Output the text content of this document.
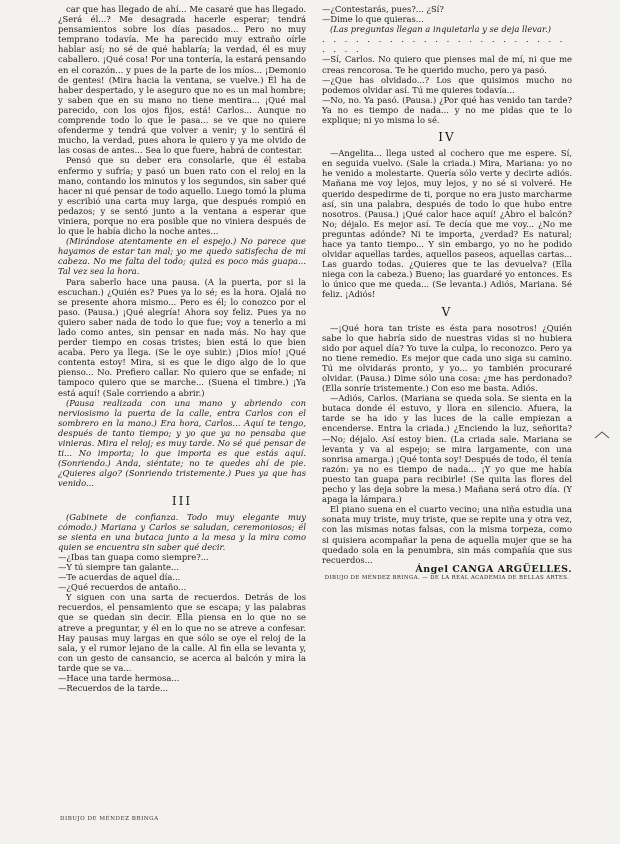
car que has llegado de ahí... Me casaré que has llegado. ¿Será él...? Me desagrada hacerle esperar; tendrá pensamientos sobre los días pasados... Pero no muy temprano todavía. Me ha parecido muy extraño oírle hablar así; no sé de qué hablaría; la verdad, él es muy caballero. ¡Qué cosa! Por una tontería, la estará pensando en el corazón... y pues de la parte de los míos... ¡Demonio de gentes! (Mira hacia la ventana, se vuelve.) Él ha de haber despertado, y le aseguro que no es un mal hombre; y saben que en su mano no tiene mentira... ¡Qué mal parecido, con los ojos fijos, está! Carlos... Aunque no comprende todo lo que le pasa... se ve que no quiere ofenderme y tendrá que volver a venir; y lo sentirá él mucho, la verdad, pues ahora le quiero y ya me olvido de las cosas de antes... Sea lo que fuere, habrá de contestar.

Pensó que su deber era consolarle, que él estaba enfermo y sufría; y pasó un buen rato con el reloj en la mano, contando los minutos y los segundos, sin saber qué hacer ni qué pensar de todo aquello. Luego tomó la pluma y escribió una carta muy larga, que después rompió en pedazos; y se sentó junto a la ventana a esperar que viniera, porque no era posible que no viniera después de lo que le había dicho la noche antes...

(Mirándose atentamente en el espejo.) No parece que hayamos de estar tan mal; yo me quedo satisfecha de mi cabeza. No me falta del todo; quizá es poco más guapa... Tal vez sea la hora.

Para saberlo hace una pausa. (A la puerta, por si la escuchan.) ¿Quién es? Pues ya lo sé; es la hora. Ojalá no se presente ahora mismo... Pero es él; lo conozco por el paso. (Pausa.) ¡Qué alegría! Ahora soy feliz. Pues ya no quiero saber nada de todo lo que fue; voy a tenerlo a mi lado como antes, sin pensar en nada más. No hay que perder tiempo en cosas tristes; bien está lo que bien acaba. Pero ya llega. (Se le oye subir.) ¡Dios mío! ¡Qué contenta estoy! Mira, si es que le digo algo de lo que pienso... No. Prefiero callar. No quiero que se enfade; ni tampoco quiero que se marche... (Suena el timbre.) ¡Ya está aquí! (Sale corriendo a abrir.)

(Pausa realizada con una mano y abriendo con nerviosismo la puerta de la calle, entra Carlos con el sombrero en la mano.) Era hora, Carlos... Aquí te tengo, después de tanto tiempo; y yo que ya no pensaba que vinieras. Mira el reloj; es muy tarde. No sé qué pensar de ti... No importa; lo que importa es que estás aquí. (Sonriendo.) Anda, siéntate; no te quedes ahí de pie. ¿Quieres algo? (Sonriendo tristemente.) Pues ya que has venido...

III

(Gabinete de confianza. Todo muy elegante muy cómodo.) Mariana y Carlos se saludan, ceremoniosos; él se sienta en una butaca junto a la mesa y la mira como quien se encuentra sin saber qué decir.

—¿Ibas tan guapa como siempre?...

—Y tú siempre tan galante...

—Te acuerdas de aquel día...

—¿Qué recuerdos de antaño...

Y siguen con una sarta de recuerdos. Detrás de los recuerdos, el pensamiento que se escapa; y las palabras que se quedan sin decir. Ella piensa en lo que no se atreve a preguntar, y él en lo que no se atreve a confesar. Hay pausas muy largas en que sólo se oye el reloj de la sala, y el rumor lejano de la calle. Al fin ella se levanta y, con un gesto de cansancio, se acerca al balcón y mira la tarde que se va...

—Hace una tarde hermosa...

—Recuerdos de la tarde...

—¿Contestarás, pues?... ¿Sí?

—Dime lo que quieras...

(Las preguntas llegan a inquietarla y se deja llevar.)

. . . . . . . . . . . . . . . . . . . . . . . . . .

—Sí, Carlos. No quiero que pienses mal de mí, ni que me creas rencorosa. Te he querido mucho, pero ya pasó.

—¿Que has olvidado...? Los que quisimos mucho no podemos olvidar así. Tú me quieres todavía...

—No, no. Ya pasó. (Pausa.) ¿Por qué has venido tan tarde? Ya no es tiempo de nada... y no me pidas que te lo explique; ni yo misma lo sé.

IV

—Angelita... llega usted al cochero que me espere. Sí, en seguida vuelvo. (Sale la criada.) Mira, Mariana: yo no he venido a molestarte. Quería sólo verte y decirte adiós. Mañana me voy lejos, muy lejos, y no sé si volveré. He querido despedirme de ti, porque no era justo marcharme así, sin una palabra, después de todo lo que hubo entre nosotros. (Pausa.) ¡Qué calor hace aquí! ¿Abro el balcón? No; déjalo. Es mejor así. Te decía que me voy... ¿No me preguntas adónde? Ni te importa, ¿verdad? Es natural; hace ya tanto tiempo... Y sin embargo, yo no he podido olvidar aquellas tardes, aquellos paseos, aquellas cartas... Las guardo todas. ¿Quieres que te las devuelva? (Ella niega con la cabeza.) Bueno; las guardaré yo entonces. Es lo único que me queda... (Se levanta.) Adiós, Mariana. Sé feliz. ¡Adiós!

V

—¡Qué hora tan triste es ésta para nosotros! ¿Quién sabe lo que habría sido de nuestras vidas si no hubiera sido por aquel día? Yo tuve la culpa, lo reconozco. Pero ya no tiene remedio. Es mejor que cada uno siga su camino. Tú me olvidarás pronto, y yo... yo también procuraré olvidar. (Pausa.) Dime sólo una cosa: ¿me has perdonado? (Ella sonríe tristemente.) Con eso me basta. Adiós.

—Adiós, Carlos. (Mariana se queda sola. Se sienta en la butaca donde él estuvo, y llora en silencio. Afuera, la tarde se ha ido y las luces de la calle empiezan a encenderse. Entra la criada.) ¿Enciendo la luz, señorita? —No; déjalo. Así estoy bien. (La criada sale. Mariana se levanta y va al espejo; se mira largamente, con una sonrisa amarga.) ¡Qué tonta soy! Después de todo, él tenía razón: ya no es tiempo de nada... ¡Y yo que me había puesto tan guapa para recibirle! (Se quita las flores del pecho y las deja sobre la mesa.) Mañana será otro día. (Y apaga la lámpara.)

El piano suena en el cuarto vecino; una niña estudia una sonata muy triste, muy triste, que se repite una y otra vez, con las mismas notas falsas, con la misma torpeza, como si quisiera acompañar la pena de aquella mujer que se ha quedado sola en la penumbra, sin más compañía que sus recuerdos...

Ángel CANGA ARGÜELLES.

DIBUJO DE MÉNDEZ BRINGA. — DE LA REAL ACADEMIA DE BELLAS ARTES.

DIBUJO DE MÉNDEZ BRINGA
